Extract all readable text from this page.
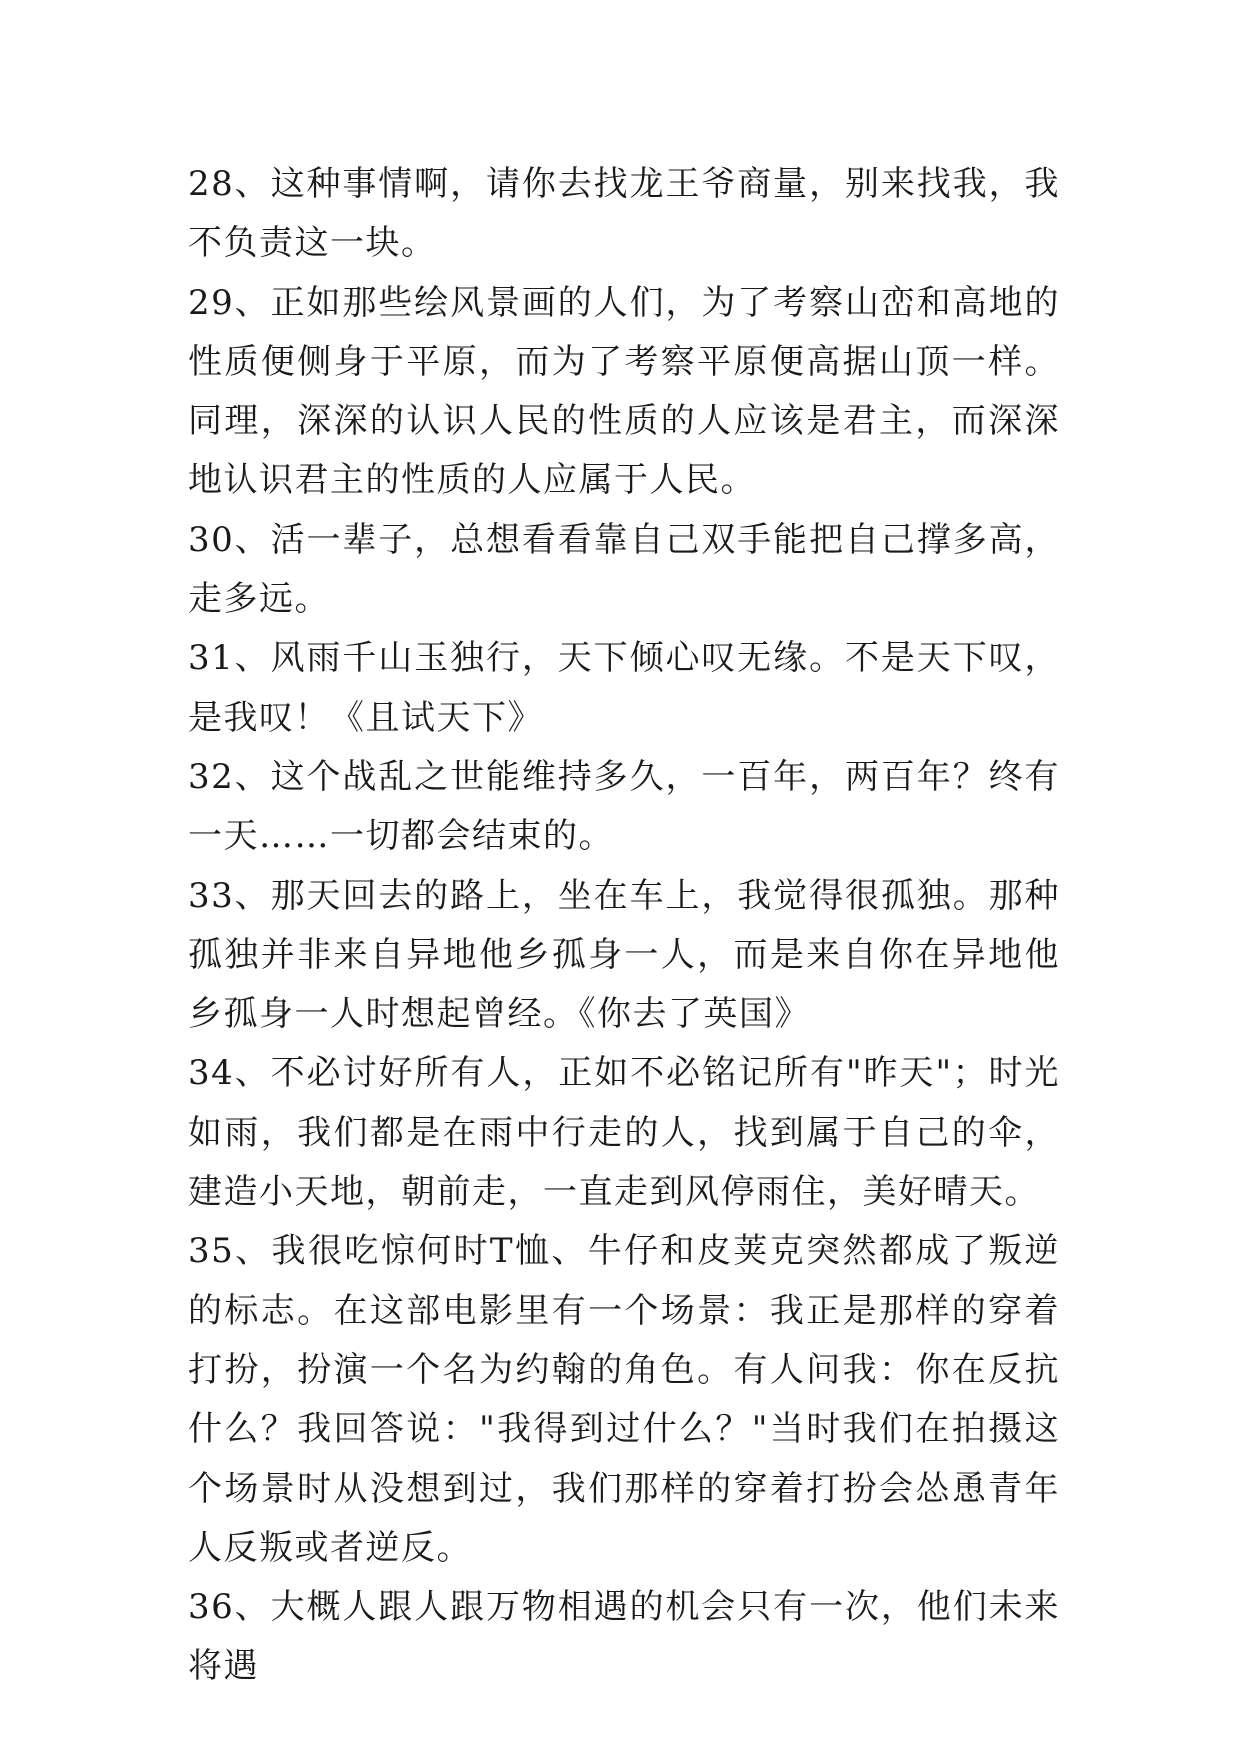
28、这种事情啊，请你去找龙王爷商量，别来找我，我不负责这一块。

29、正如那些绘风景画的人们，为了考察山峦和高地的性质便侧身于平原，而为了考察平原便高据山顶一样。同理，深深的认识人民的性质的人应该是君主，而深深地认识君主的性质的人应属于人民。

30、活一辈子，总想看看靠自己双手能把自己撑多高，走多远。

31、风雨千山玉独行，天下倾心叹无缘。不是天下叹，是我叹！《且试天下》

32、这个战乱之世能维持多久，一百年，两百年？终有一天……一切都会结束的。

33、那天回去的路上，坐在车上，我觉得很孤独。那种孤独并非来自异地他乡孤身一人，而是来自你在异地他乡孤身一人时想起曾经。《你去了英国》

34、不必讨好所有人，正如不必铭记所有"昨天"；时光如雨，我们都是在雨中行走的人，找到属于自己的伞，建造小天地，朝前走，一直走到风停雨住，美好晴天。

35、我很吃惊何时T恤、牛仔和皮荚克突然都成了叛逆的标志。在这部电影里有一个场景：我正是那样的穿着打扮，扮演一个名为约翰的角色。有人问我：你在反抗什么？我回答说："我得到过什么？"当时我们在拍摄这个场景时从没想到过，我们那样的穿着打扮会怂恿青年人反叛或者逆反。

36、大概人跟人跟万物相遇的机会只有一次，他们未来将遇
